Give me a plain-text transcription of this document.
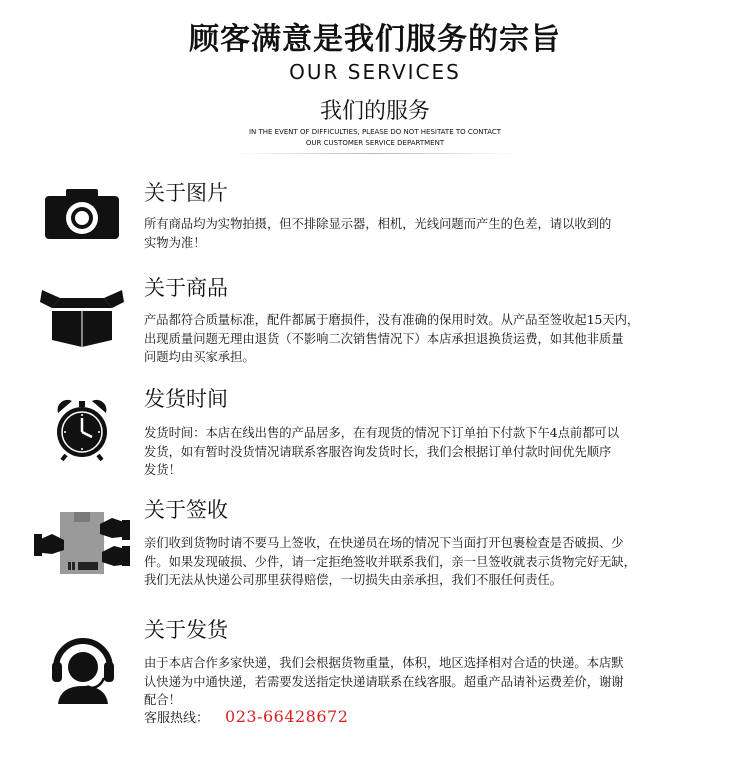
顾客满意是我们服务的宗旨
OUR SERVICES
我们的服务
IN THE EVENT OF DIFFICULTIES, PLEASE DO NOT HESITATE TO CONTACT
OUR CUSTOMER SERVICE DEPARTMENT
关于图片
所有商品均为实物拍摄，但不排除显示器，相机，光线问题而产生的色差，请以收到的
实物为准！
关于商品
产品都符合质量标准，配件都属于磨损件，没有准确的保用时效。从产品至签收起15天内，
出现质量问题无理由退货（不影响二次销售情况下）本店承担退换货运费，如其他非质量
问题均由买家承担。
发货时间
发货时间：本店在线出售的产品居多，在有现货的情况下订单拍下付款下午4点前都可以
发货，如有暂时没货情况请联系客服咨询发货时长，我们会根据订单付款时间优先顺序
发货！
关于签收
亲们收到货物时请不要马上签收，在快递员在场的情况下当面打开包裹检查是否破损、少
件。如果发现破损、少件，请一定拒绝签收并联系我们，亲一旦签收就表示货物完好无缺，
我们无法从快递公司那里获得赔偿，一切损失由亲承担，我们不服任何责任。
关于发货
由于本店合作多家快递，我们会根据货物重量，体积，地区选择相对合适的快递。本店默
认快递为中通快递，若需要发送指定快递请联系在线客服。超重产品请补运费差价，谢谢
配合！
客服热线： 023-66428672
